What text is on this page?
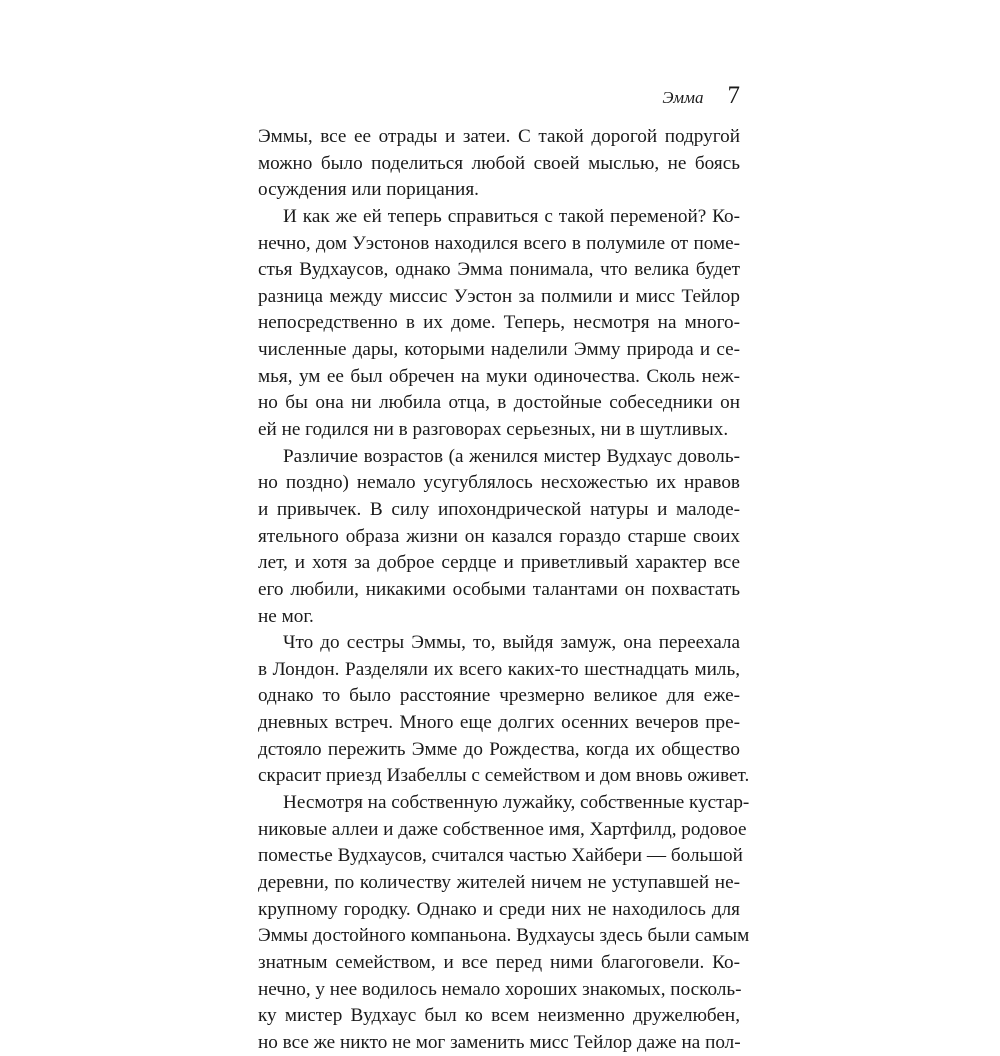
Эмма 7
Эммы, все ее отрады и затеи. С такой дорогой подругой
можно было поделиться любой своей мыслью, не боясь
осуждения или порицания.
И как же ей теперь справиться с такой переменой? Ко-
нечно, дом Уэстонов находился всего в полумиле от поме-
стья Вудхаусов, однако Эмма понимала, что велика будет
разница между миссис Уэстон за полмили и мисс Тейлор
непосредственно в их доме. Теперь, несмотря на много-
численные дары, которыми наделили Эмму природа и се-
мья, ум ее был обречен на муки одиночества. Сколь неж-
но бы она ни любила отца, в достойные собеседники он
ей не годился ни в разговорах серьезных, ни в шутливых.
Различие возрастов (а женился мистер Вудхаус доволь-
но поздно) немало усугублялось несхожестью их нравов
и привычек. В силу ипохондрической натуры и малоде-
ятельного образа жизни он казался гораздо старше своих
лет, и хотя за доброе сердце и приветливый характер все
его любили, никакими особыми талантами он похвастать
не мог.
Что до сестры Эммы, то, выйдя замуж, она переехала
в Лондон. Разделяли их всего каких-то шестнадцать миль,
однако то было расстояние чрезмерно великое для еже-
дневных встреч. Много еще долгих осенних вечеров пре-
дстояло пережить Эмме до Рождества, когда их общество
скрасит приезд Изабеллы с семейством и дом вновь оживет.
Несмотря на собственную лужайку, собственные кустар-
никовые аллеи и даже собственное имя, Хартфилд, родовое
поместье Вудхаусов, считался частью Хайбери — большой
деревни, по количеству жителей ничем не уступавшей не-
крупному городку. Однако и среди них не находилось для
Эммы достойного компаньона. Вудхаусы здесь были самым
знатным семейством, и все перед ними благоговели. Ко-
нечно, у нее водилось немало хороших знакомых, посколь-
ку мистер Вудхаус был ко всем неизменно дружелюбен,
но все же никто не мог заменить мисс Тейлор даже на пол-
